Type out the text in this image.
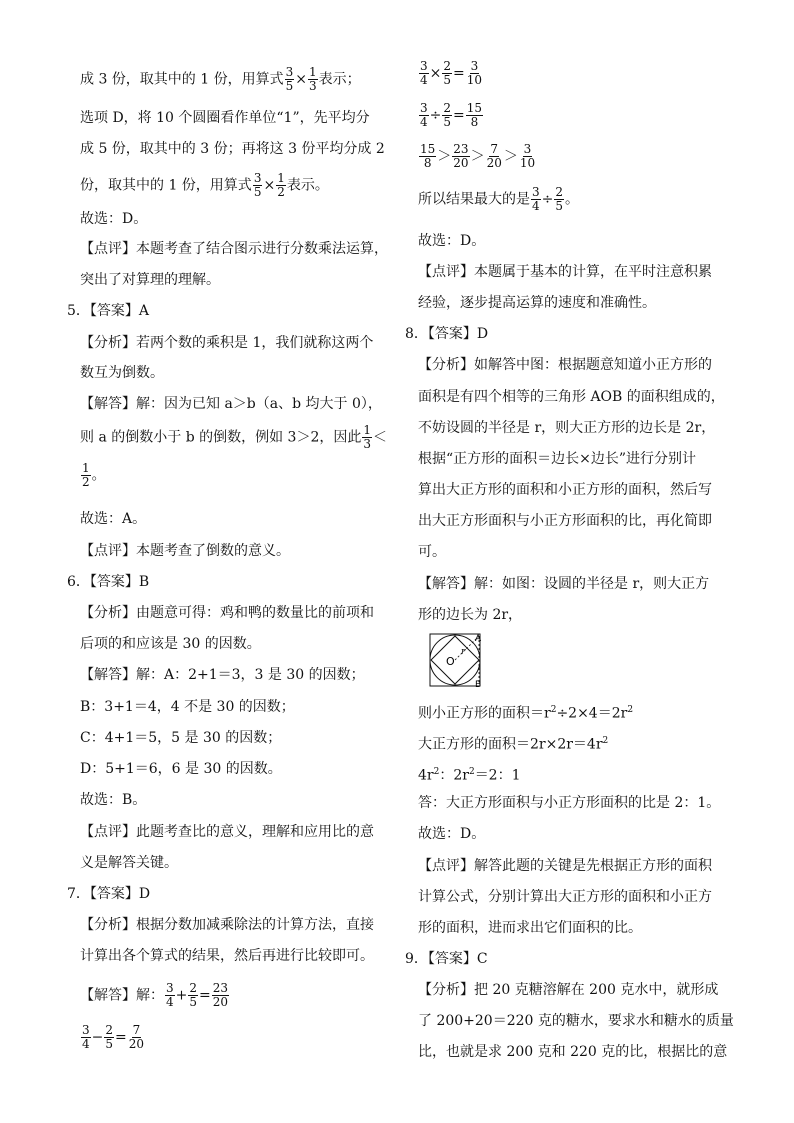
成 3 份，取其中的 1 份，用算式 $\frac{3}{5} \times \frac{1}{3}$ 表示；
选项 D，将 10 个圆圈看作单位“1”，先平均分
成 5 份，取其中的 3 份；再将这 3 份平均分成 2
份，取其中的 1 份，用算式 $\frac{3}{5} \times \frac{1}{2}$ 表示。
故选：D。
【点评】本题考查了结合图示进行分数乘法运算，
突出了对算理的理解。
5．【答案】A
【分析】若两个数的乘积是 1，我们就称这两个
数互为倒数。
【解答】解：因为已知 a＞b（a、b 均大于 0），
则 a 的倒数小于 b 的倒数，例如 3＞2，因此 $\frac{1}{3}$ ＜
$\frac{1}{2}$ 。
故选：A。
【点评】本题考查了倒数的意义。
6．【答案】B
【分析】由题意可得：鸡和鸭的数量比的前项和
后项的和应该是 30 的因数。
【解答】解：A：2+1＝3，3 是 30 的因数；
B：3+1＝4，4 不是 30 的因数；
C：4+1＝5，5 是 30 的因数；
D：5+1＝6，6 是 30 的因数。
故选：B。
【点评】此题考查比的意义，理解和应用比的意
义是解答关键。
7．【答案】D
【分析】根据分数加减乘除法的计算方法，直接
计算出各个算式的结果，然后再进行比较即可。
【解答】解： $\frac{3}{4} + \frac{2}{5} = \frac{23}{20}$
$\frac{3}{4} - \frac{2}{5} = \frac{7}{20}$
$\frac{3}{4} \times \frac{2}{5} = \frac{3}{10}$
$\frac{3}{4} \div \frac{2}{5} = \frac{15}{8}$
$\frac{15}{8} > \frac{23}{20} > \frac{7}{20} > \frac{3}{10}$
所以结果最大的是 $\frac{3}{4} \div \frac{2}{5}$ 。
故选：D。
【点评】本题属于基本的计算，在平时注意积累
经验，逐步提高运算的速度和准确性。
8．【答案】D
【分析】如解答中图：根据题意知道小正方形的
面积是有四个相等的三角形 AOB 的面积组成的，
不妨设圆的半径是 r，则大正方形的边长是 2r，
根据“正方形的面积＝边长×边长”进行分别计
算出大正方形的面积和小正方形的面积，然后写
出大正方形面积与小正方形面积的比，再化简即
可。
【解答】解：如图：设圆的半径是 r，则大正方
形的边长为 2r，
O
r
A
B
则小正方形的面积$=r^2\div 2\times 4=2r^2$
大正方形的面积$=2r\times 2r=4r^2$
$4r^2$：$2r^2=2$：1
答：大正方形面积与小正方形面积的比是 2：1。
故选：D。
【点评】解答此题的关键是先根据正方形的面积
计算公式，分别计算出大正方形的面积和小正方
形的面积，进而求出它们面积的比。
9．【答案】C
【分析】把 20 克糖溶解在 200 克水中，就形成
了 200+20＝220 克的糖水，要求水和糖水的质量
比，也就是求 200 克和 220 克的比，根据比的意
